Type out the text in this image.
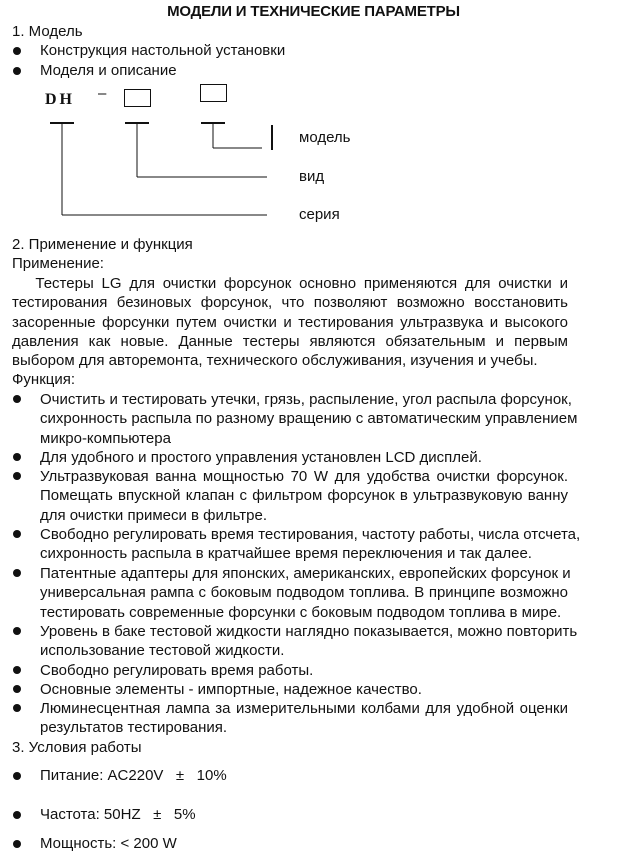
МОДЕЛИ И ТЕХНИЧЕСКИЕ ПАРАМЕТРЫ
1. Модель
Конструкция настольной установки
Моделя и описание
DH –
модель
вид
серия
2. Применение и функция
Применение:
Тестеры LG для очистки форсунок основно применяются для очистки и
тестирования безиновых форсунок, что позволяют возможно восстановить
засоренные форсунки путем очистки и тестирования ультразвука и высокого
давления как новые. Данные тестеры являются обязательным и первым
выбором для авторемонта, технического обслуживания, изучения и учебы.
Функция:
Очистить и тестировать утечки, грязь, распыление, угол распыла форсунок,
сихронность распыла по разному вращению с автоматическим управлением
микро-компьютера
Для удобного и простого управления установлен LCD дисплей.
Ультразвуковая ванна мощностью 70 W для удобства очистки форсунок.
Помещать впускной клапан с фильтром форсунок в ультразвуковую ванну
для очистки примеси в фильтре.
Свободно регулировать время тестирования, частоту работы, числа отсчета,
сихронность распыла в кратчайшее время переключения и так далее.
Патентные адаптеры для японских, американских, европейских форсунок и
универсальная рампа с боковым подводом топлива. В принципе возможно
тестировать современные форсунки с боковым подводом топлива в мире.
Уровень в баке тестовой жидкости наглядно показывается, можно повторить
использование тестовой жидкости.
Свободно регулировать время работы.
Основные элементы - импортные, надежное качество.
Люминесцентная лампа за измерительными колбами для удобной оценки
результатов тестирования.
3. Условия работы
Питание: AC220V   ±   10%
Частота: 50HZ   ±   5%
Мощность: < 200 W
